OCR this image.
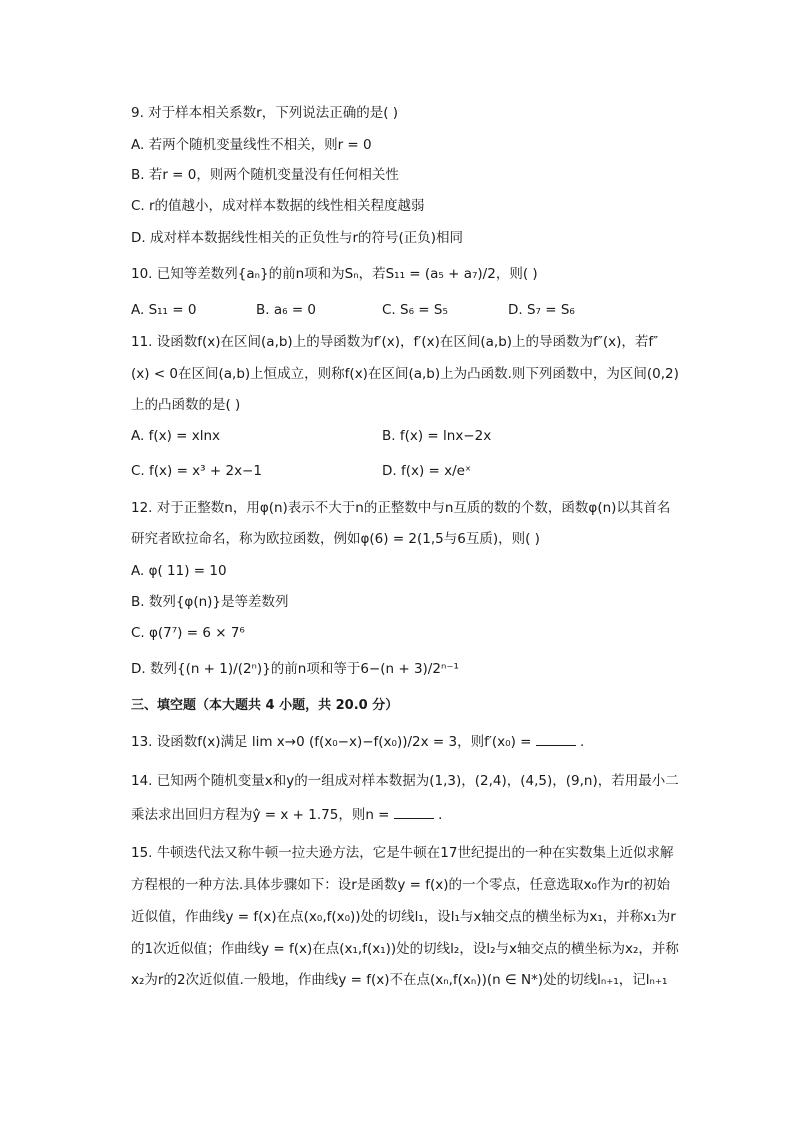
9. 对于样本相关系数r，下列说法正确的是( )
A. 若两个随机变量线性不相关，则r = 0
B. 若r = 0，则两个随机变量没有任何相关性
C. r的值越小，成对样本数据的线性相关程度越弱
D. 成对样本数据线性相关的正负性与r的符号(正负)相同
10. 已知等差数列{aₙ}的前n项和为Sₙ，若S₁₁ = (a₅ + a₇)/2，则( )
A. S₁₁ = 0	B. a₆ = 0	C. S₆ = S₅	D. S₇ = S₆
11. 设函数f(x)在区间(a,b)上的导函数为f′(x)，f′(x)在区间(a,b)上的导函数为f″(x)，若f″
(x) < 0在区间(a,b)上恒成立，则称f(x)在区间(a,b)上为凸函数.则下列函数中，为区间(0,2)
上的凸函数的是( )
A. f(x) = xlnx	B. f(x) = lnx−2x
C. f(x) = x³ + 2x−1	D. f(x) = x/eˣ
12. 对于正整数n，用φ(n)表示不大于n的正整数中与n互质的数的个数，函数φ(n)以其首名
研究者欧拉命名，称为欧拉函数，例如φ(6) = 2(1,5与6互质)，则( )
A. φ( 11) = 10
B. 数列{φ(n)}是等差数列
C. φ(7⁷) = 6 × 7⁶
D. 数列{(n + 1)/(2ⁿ)}的前n项和等于6−(n + 3)/2ⁿ⁻¹
三、填空题（本大题共 4 小题，共 20.0 分）
13. 设函数f(x)满足 lim x→0 (f(x₀−x)−f(x₀))/2x = 3，则f′(x₀) =	.
14. 已知两个随机变量x和y的一组成对样本数据为(1,3)，(2,4)，(4,5)，(9,n)，若用最小二
乘法求出回归方程为ŷ = x + 1.75，则n =	.
15. 牛顿迭代法又称牛顿一拉夫逊方法，它是牛顿在17世纪提出的一种在实数集上近似求解
方程根的一种方法.具体步骤如下：设r是函数y = f(x)的一个零点，任意选取x₀作为r的初始
近似值，作曲线y = f(x)在点(x₀,f(x₀))处的切线l₁，设l₁与x轴交点的横坐标为x₁，并称x₁为r
的1次近似值；作曲线y = f(x)在点(x₁,f(x₁))处的切线l₂，设l₂与x轴交点的横坐标为x₂，并称
x₂为r的2次近似值.一般地，作曲线y = f(x)不在点(xₙ,f(xₙ))(n ∈ N*)处的切线lₙ₊₁，记lₙ₊₁
